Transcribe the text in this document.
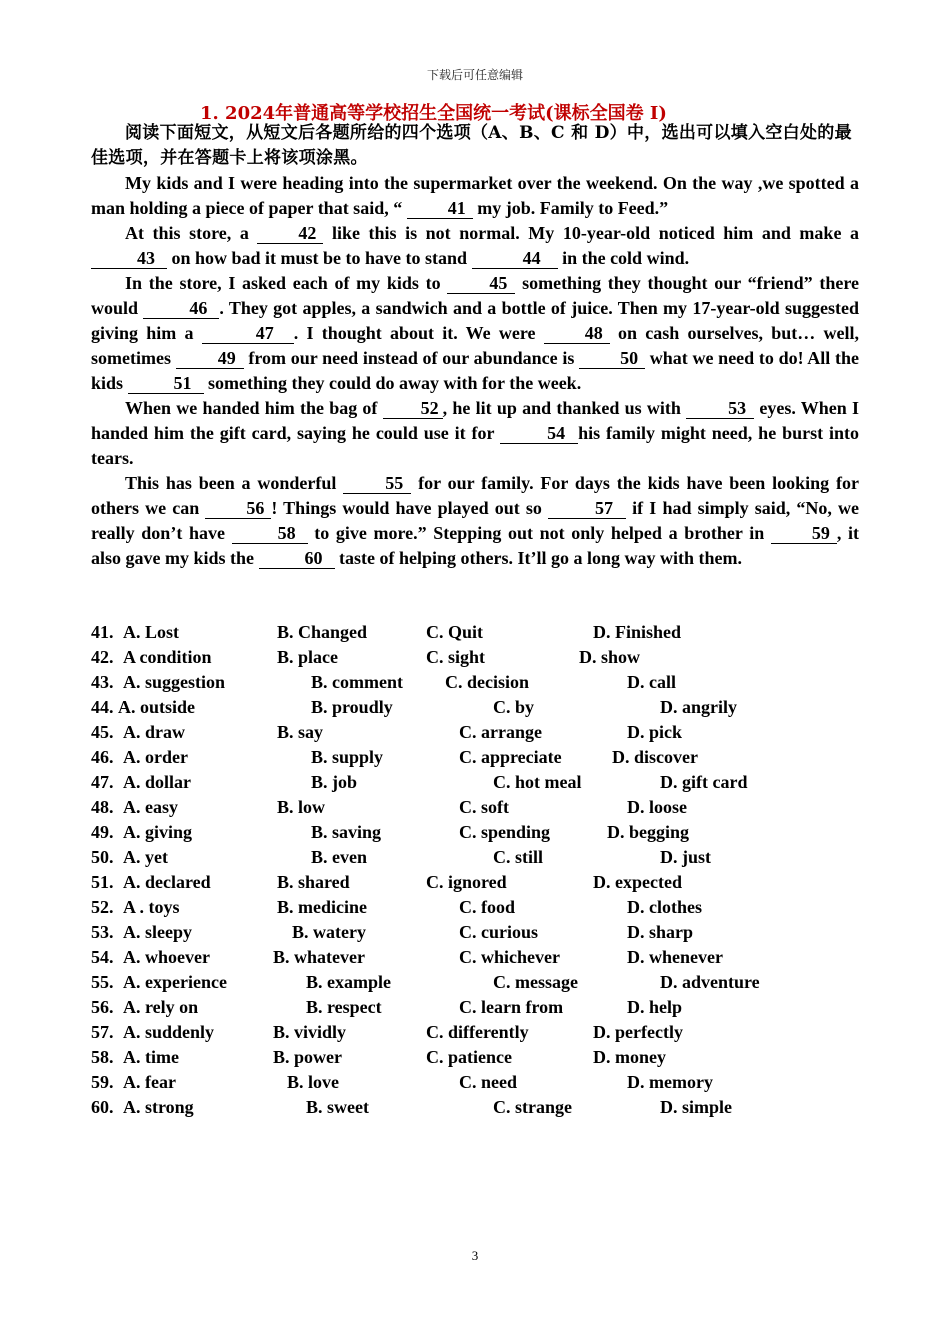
下载后可任意编辑
1. 2024年普通高等学校招生全国统一考试(课标全国卷 I)

阅读下面短文，从短文后各题所给的四个选项（A、B、C 和 D）中，选出可以填入空白处的最佳选项，并在答题卡上将该项涂黑。

My kids and I were heading into the supermarket over the weekend. On the way ,we spotted a man holding a piece of paper that said, “ 41 my job. Family to Feed.”

At this store, a 42 like this is not normal. My 10-year-old noticed him and make a 43 on how bad it must be to have to stand	44 in the cold wind.

In the store, I asked each of my kids to 45 something they thought our “friend” there would	46 . They got apples, a sandwich and a bottle of juice. Then my 17-year-old suggested giving him a	47 . I thought about it. We were 48 on cash ourselves, but… well, sometimes 49 from our need instead of our abundance is 50 what we need to do! All the kids	51 something they could do away with for the week.

When we handed him the bag of 52 , he lit up and thanked us with 53 eyes. When I handed him the gift card, saying he could use it for	54 his family might need, he burst into tears.

This has been a wonderful 55 for our family. For days the kids have been looking for others we can 56 ! Things would have played out so	57 if I had simply said, “No, we really don’t have	58 to give more.” Stepping out not only helped a brother in 59 , it also gave my kids the	60 taste of helping others. It’ll go a long way with them.

41. A. Lost	B. Changed	C. Quit	D. Finished
42. A condition	B. place	C. sight	D. show
43. A. suggestion	B. comment C. decision	D. call
44. A. outside	B. proudly	C. by	D. angrily
45. A. draw	B. say	C. arrange	D. pick
46. A. order	B. supply	C. appreciate	D. discover
47. A. dollar	B. job	C. hot meal	D. gift card
48. A. easy	B. low	C. soft	D. loose
49. A. giving	B. saving	C. spending	D. begging
50. A. yet	B. even	C. still	D. just
51. A. declared	B. shared	C. ignored	D. expected
52. A . toys	B. medicine	C. food	D. clothes
53. A. sleepy	B. watery	C. curious	D. sharp
54. A. whoever	B. whatever	C. whichever	D. whenever
55. A. experience	B. example	C. message	D. adventure
56. A. rely on	B. respect	C. learn from	D. help
57. A. suddenly	B. vividly	C. differently	D. perfectly
58. A. time	B. power	C. patience	D. money
59. A. fear	B. love	C. need	D. memory
60. A. strong	B. sweet	C. strange	D. simple
3
